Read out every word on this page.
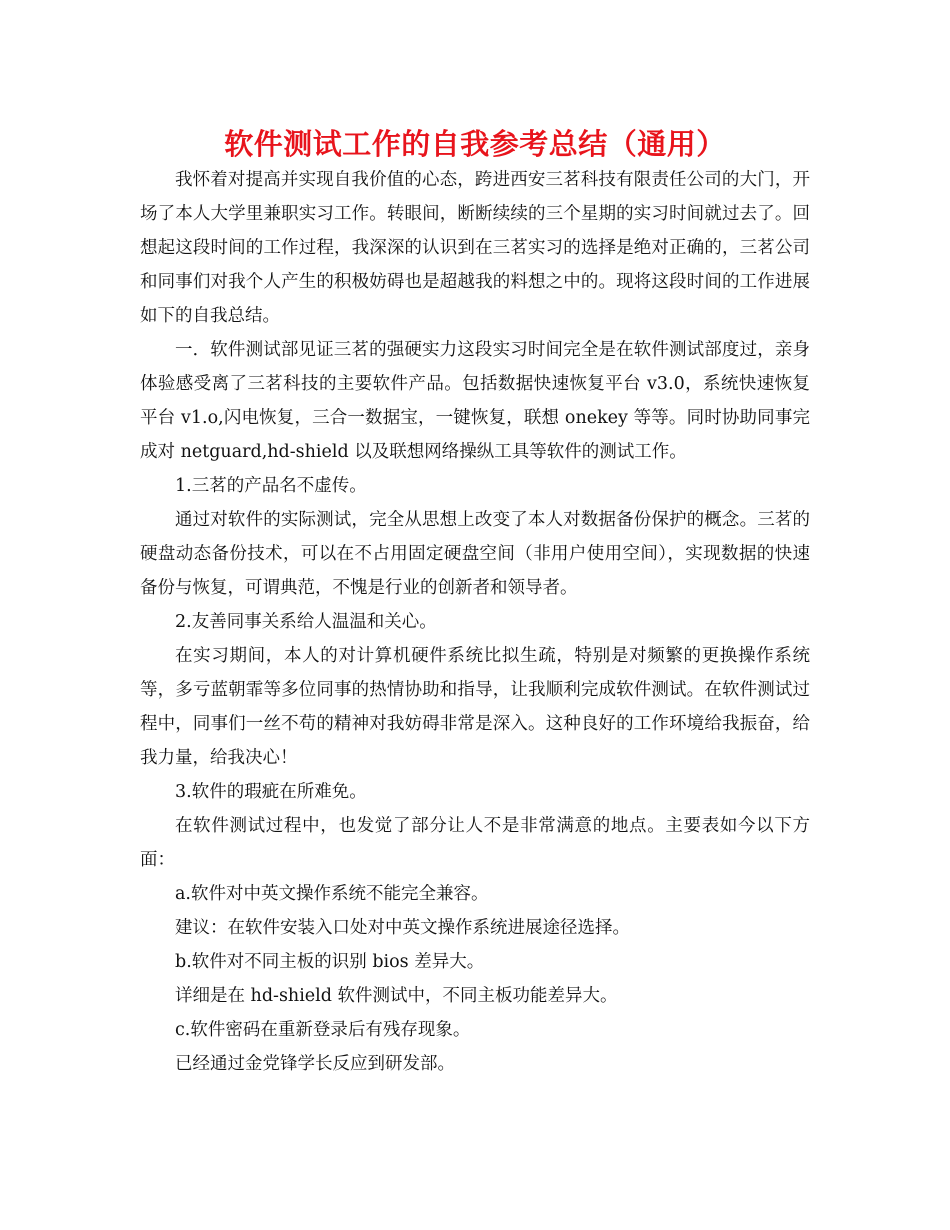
软件测试工作的自我参考总结（通用）

我怀着对提高并实现自我价值的心态，跨进西安三茗科技有限责任公司的大门，开场了本人大学里兼职实习工作。转眼间，断断续续的三个星期的实习时间就过去了。回想起这段时间的工作过程，我深深的认识到在三茗实习的选择是绝对正确的，三茗公司和同事们对我个人产生的积极妨碍也是超越我的料想之中的。现将这段时间的工作进展如下的自我总结。

一．软件测试部见证三茗的强硬实力这段实习时间完全是在软件测试部度过，亲身体验感受离了三茗科技的主要软件产品。包括数据快速恢复平台 v3.0，系统快速恢复平台 v1.o,闪电恢复，三合一数据宝，一键恢复，联想 onekey 等等。同时协助同事完成对 netguard,hd-shield 以及联想网络操纵工具等软件的测试工作。

1.三茗的产品名不虚传。

通过对软件的实际测试，完全从思想上改变了本人对数据备份保护的概念。三茗的硬盘动态备份技术，可以在不占用固定硬盘空间（非用户使用空间），实现数据的快速备份与恢复，可谓典范，不愧是行业的创新者和领导者。

2.友善同事关系给人温温和关心。

在实习期间，本人的对计算机硬件系统比拟生疏，特别是对频繁的更换操作系统等，多亏蓝朝霏等多位同事的热情协助和指导，让我顺利完成软件测试。在软件测试过程中，同事们一丝不苟的精神对我妨碍非常是深入。这种良好的工作环境给我振奋，给我力量，给我决心！

3.软件的瑕疵在所难免。

在软件测试过程中，也发觉了部分让人不是非常满意的地点。主要表如今以下方面：

a.软件对中英文操作系统不能完全兼容。

建议：在软件安装入口处对中英文操作系统进展途径选择。

b.软件对不同主板的识别 bios 差异大。

详细是在 hd-shield 软件测试中，不同主板功能差异大。

c.软件密码在重新登录后有残存现象。

已经通过金党锋学长反应到研发部。
